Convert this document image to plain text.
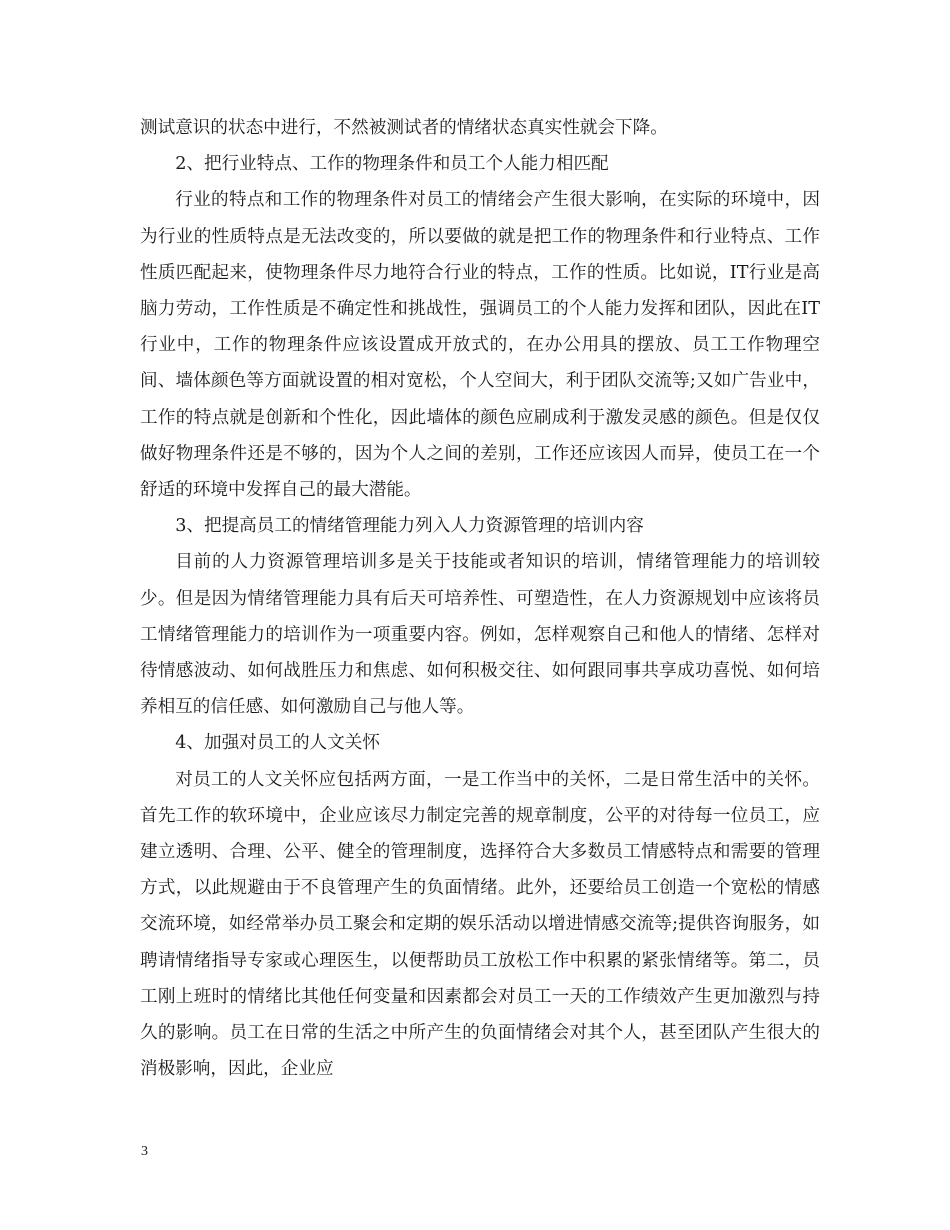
测试意识的状态中进行，不然被测试者的情绪状态真实性就会下降。

2、把行业特点、工作的物理条件和员工个人能力相匹配

行业的特点和工作的物理条件对员工的情绪会产生很大影响，在实际的环境中，因为行业的性质特点是无法改变的，所以要做的就是把工作的物理条件和行业特点、工作性质匹配起来，使物理条件尽力地符合行业的特点，工作的性质。比如说，IT行业是高脑力劳动，工作性质是不确定性和挑战性，强调员工的个人能力发挥和团队，因此在IT行业中，工作的物理条件应该设置成开放式的，在办公用具的摆放、员工工作物理空间、墙体颜色等方面就设置的相对宽松，个人空间大，利于团队交流等;又如广告业中，工作的特点就是创新和个性化，因此墙体的颜色应刷成利于激发灵感的颜色。但是仅仅做好物理条件还是不够的，因为个人之间的差别，工作还应该因人而异，使员工在一个舒适的环境中发挥自己的最大潜能。

3、把提高员工的情绪管理能力列入人力资源管理的培训内容

目前的人力资源管理培训多是关于技能或者知识的培训，情绪管理能力的培训较少。但是因为情绪管理能力具有后天可培养性、可塑造性，在人力资源规划中应该将员工情绪管理能力的培训作为一项重要内容。例如，怎样观察自己和他人的情绪、怎样对待情感波动、如何战胜压力和焦虑、如何积极交往、如何跟同事共享成功喜悦、如何培养相互的信任感、如何激励自己与他人等。

4、加强对员工的人文关怀

对员工的人文关怀应包括两方面，一是工作当中的关怀，二是日常生活中的关怀。首先工作的软环境中，企业应该尽力制定完善的规章制度，公平的对待每一位员工，应建立透明、合理、公平、健全的管理制度，选择符合大多数员工情感特点和需要的管理方式，以此规避由于不良管理产生的负面情绪。此外，还要给员工创造一个宽松的情感交流环境，如经常举办员工聚会和定期的娱乐活动以增进情感交流等;提供咨询服务，如聘请情绪指导专家或心理医生，以便帮助员工放松工作中积累的紧张情绪等。第二，员工刚上班时的情绪比其他任何变量和因素都会对员工一天的工作绩效产生更加激烈与持久的影响。员工在日常的生活之中所产生的负面情绪会对其个人，甚至团队产生很大的消极影响，因此，企业应

3
